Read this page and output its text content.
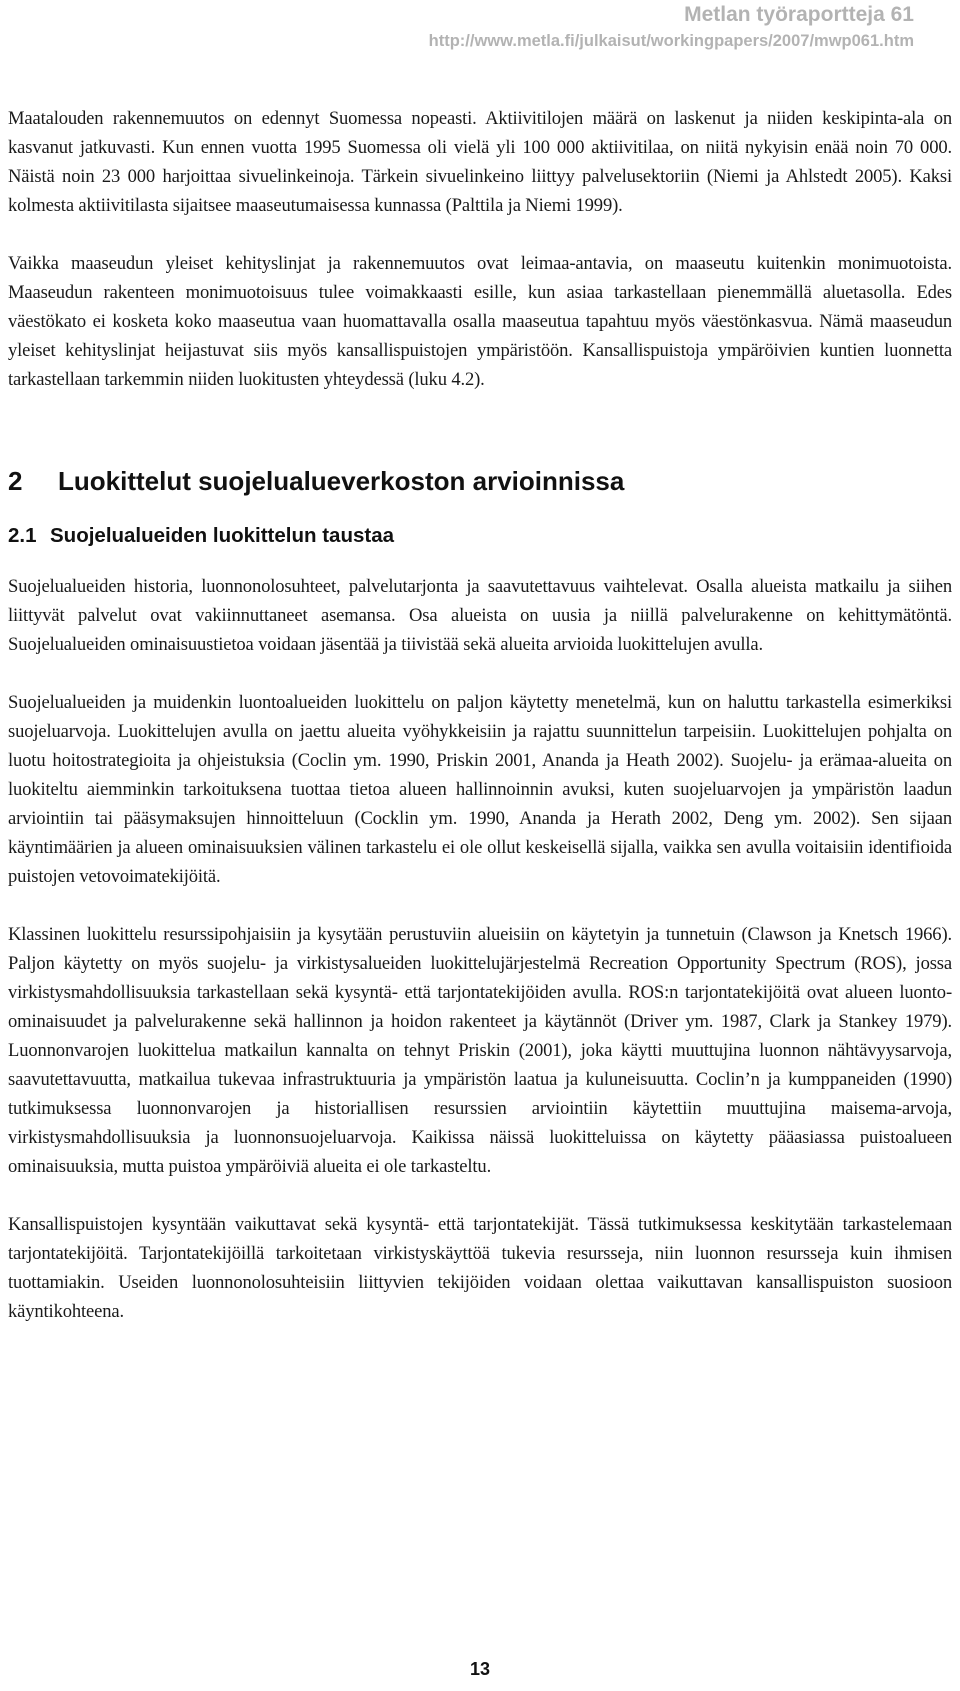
Metlan työraportteja 61
http://www.metla.fi/julkaisut/workingpapers/2007/mwp061.htm

Maatalouden rakennemuutos on edennyt Suomessa nopeasti. Aktiivitilojen määrä on laskenut ja niiden keskipinta-ala on kasvanut jatkuvasti. Kun ennen vuotta 1995 Suomessa oli vielä yli 100 000 aktiivitilaa, on niitä nykyisin enää noin 70 000. Näistä noin 23 000 harjoittaa sivuelinkeinoja. Tärkein sivuelinkeino liittyy palvelusektoriin (Niemi ja Ahlstedt 2005). Kaksi kolmesta aktiivitilasta sijaitsee maaseutumaisessa kunnassa (Palttila ja Niemi 1999).

Vaikka maaseudun yleiset kehityslinjat ja rakennemuutos ovat leimaa-antavia, on maaseutu kuitenkin monimuotoista. Maaseudun rakenteen monimuotoisuus tulee voimakkaasti esille, kun asiaa tarkastellaan pienemmällä aluetasolla. Edes väestökato ei kosketa koko maaseutua vaan huomattavalla osalla maaseutua tapahtuu myös väestönkasvua. Nämä maaseudun yleiset kehityslinjat heijastuvat siis myös kansallispuistojen ympäristöön. Kansallispuistoja ympäröivien kuntien luonnetta tarkastellaan tarkemmin niiden luokitusten yhteydessä (luku 4.2).

2 Luokittelut suojelualueverkoston arvioinnissa
2.1 Suojelualueiden luokittelun taustaa

Suojelualueiden historia, luonnonolosuhteet, palvelutarjonta ja saavutettavuus vaihtelevat. Osalla alueista matkailu ja siihen liittyvät palvelut ovat vakiinnuttaneet asemansa. Osa alueista on uusia ja niillä palvelurakenne on kehittymätöntä. Suojelualueiden ominaisuustietoa voidaan jäsentää ja tiivistää sekä alueita arvioida luokittelujen avulla.

Suojelualueiden ja muidenkin luontoalueiden luokittelu on paljon käytetty menetelmä, kun on haluttu tarkastella esimerkiksi suojeluarvoja. Luokittelujen avulla on jaettu alueita vyöhykkeisiin ja rajattu suunnittelun tarpeisiin. Luokittelujen pohjalta on luotu hoitostrategioita ja ohjeistuksia (Coclin ym. 1990, Priskin 2001, Ananda ja Heath 2002). Suojelu- ja erämaa-alueita on luokiteltu aiemminkin tarkoituksena tuottaa tietoa alueen hallinnoinnin avuksi, kuten suojeluarvojen ja ympäristön laadun arviointiin tai pääsymaksujen hinnoitteluun (Cocklin ym. 1990, Ananda ja Herath 2002, Deng ym. 2002). Sen sijaan käyntimäärien ja alueen ominaisuuksien välinen tarkastelu ei ole ollut keskeisellä sijalla, vaikka sen avulla voitaisiin identifioida puistojen vetovoimatekijöitä.

Klassinen luokittelu resurssipohjaisiin ja kysytään perustuviin alueisiin on käytetyin ja tunnetuin (Clawson ja Knetsch 1966). Paljon käytetty on myös suojelu- ja virkistysalueiden luokittelujärjestelmä Recreation Opportunity Spectrum (ROS), jossa virkistysmahdollisuuksia tarkastellaan sekä kysyntä- että tarjontatekijöiden avulla. ROS:n tarjontatekijöitä ovat alueen luonto-ominaisuudet ja palvelurakenne sekä hallinnon ja hoidon rakenteet ja käytännöt (Driver ym. 1987, Clark ja Stankey 1979). Luonnonvarojen luokittelua matkailun kannalta on tehnyt Priskin (2001), joka käytti muuttujina luonnon nähtävyysarvoja, saavutettavuutta, matkailua tukevaa infrastruktuuria ja ympäristön laatua ja kuluneisuutta. Coclin’n ja kumppaneiden (1990) tutkimuksessa luonnonvarojen ja historiallisen resurssien arviointiin käytettiin muuttujina maisema-arvoja, virkistysmahdollisuuksia ja luonnonsuojeluarvoja. Kaikissa näissä luokitteluissa on käytetty pääasiassa puistoalueen ominaisuuksia, mutta puistoa ympäröiviä alueita ei ole tarkasteltu.

Kansallispuistojen kysyntään vaikuttavat sekä kysyntä- että tarjontatekijät. Tässä tutkimuksessa keskitytään tarkastelemaan tarjontatekijöitä. Tarjontatekijöillä tarkoitetaan virkistyskäyttöä tukevia resursseja, niin luonnon resursseja kuin ihmisen tuottamiakin. Useiden luonnonolosuhteisiin liittyvien tekijöiden voidaan olettaa vaikuttavan kansallispuiston suosioon käyntikohteena.

13
